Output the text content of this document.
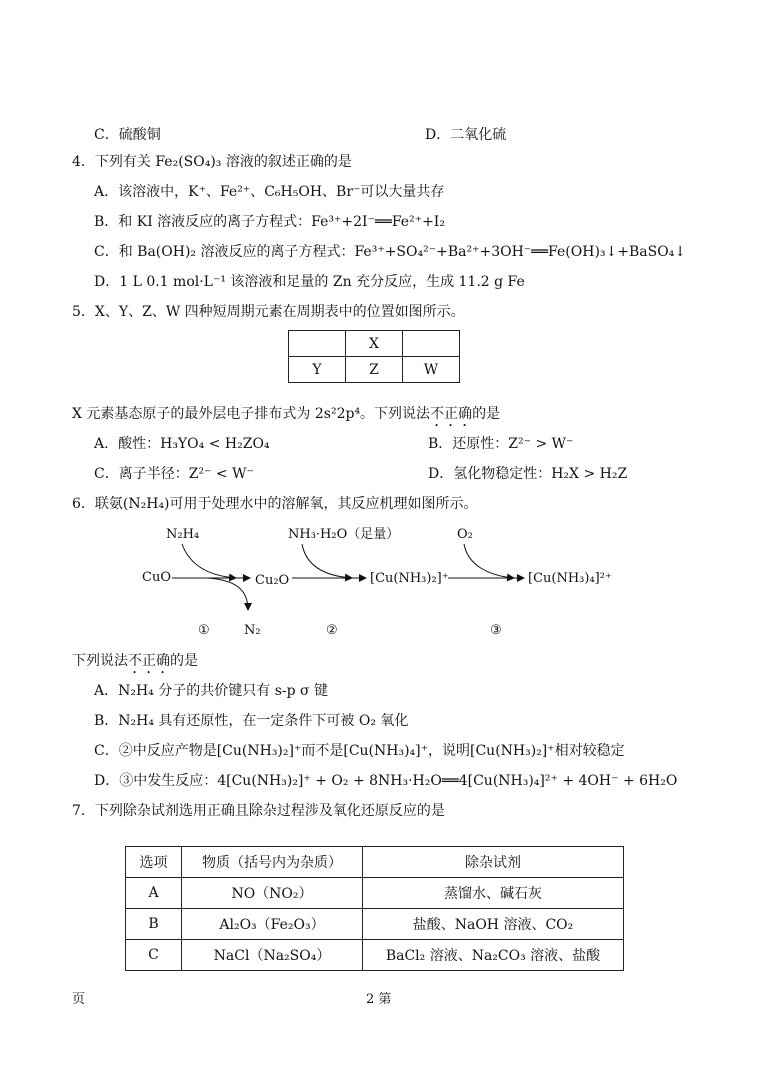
C．硫酸铜	D．二氧化硫
4．下列有关 Fe₂(SO₄)₃ 溶液的叙述正确的是
A．该溶液中，K⁺、Fe²⁺、C₆H₅OH、Br⁻可以大量共存
B．和 KI 溶液反应的离子方程式：Fe³⁺+2I⁻══Fe²⁺+I₂
C．和 Ba(OH)₂ 溶液反应的离子方程式：Fe³⁺+SO₄²⁻+Ba²⁺+3OH⁻══Fe(OH)₃↓+BaSO₄↓
D．1 L 0.1 mol·L⁻¹ 该溶液和足量的 Zn 充分反应，生成 11.2 g Fe
5．X、Y、Z、W 四种短周期元素在周期表中的位置如图所示。
	X	
Y	Z	W
X 元素基态原子的最外层电子排布式为 2s²2p⁴。下列说法不正确的是
A．酸性：H₃YO₄ < H₂ZO₄	B．还原性：Z²⁻ > W⁻
C．离子半径：Z²⁻ < W⁻	D．氢化物稳定性：H₂X > H₂Z
6．联氨(N₂H₄)可用于处理水中的溶解氧，其反应机理如图所示。
N₂H₄	NH₃·H₂O（足量）	O₂
CuO	Cu₂O	[Cu(NH₃)₂]⁺	[Cu(NH₃)₄]²⁺
N₂
①	②	③
下列说法不正确的是
A．N₂H₄ 分子的共价键只有 s-p σ 键
B．N₂H₄ 具有还原性，在一定条件下可被 O₂ 氧化
C．②中反应产物是[Cu(NH₃)₂]⁺而不是[Cu(NH₃)₄]⁺，说明[Cu(NH₃)₂]⁺相对较稳定
D．③中发生反应：4[Cu(NH₃)₂]⁺ + O₂ + 8NH₃·H₂O══4[Cu(NH₃)₄]²⁺ + 4OH⁻ + 6H₂O
7．下列除杂试剂选用正确且除杂过程涉及氧化还原反应的是
选项	物质（括号内为杂质）	除杂试剂
A	NO（NO₂）	蒸馏水、碱石灰
B	Al₂O₃（Fe₂O₃）	盐酸、NaOH 溶液、CO₂
C	NaCl（Na₂SO₄）	BaCl₂ 溶液、Na₂CO₃ 溶液、盐酸
页	2 第
